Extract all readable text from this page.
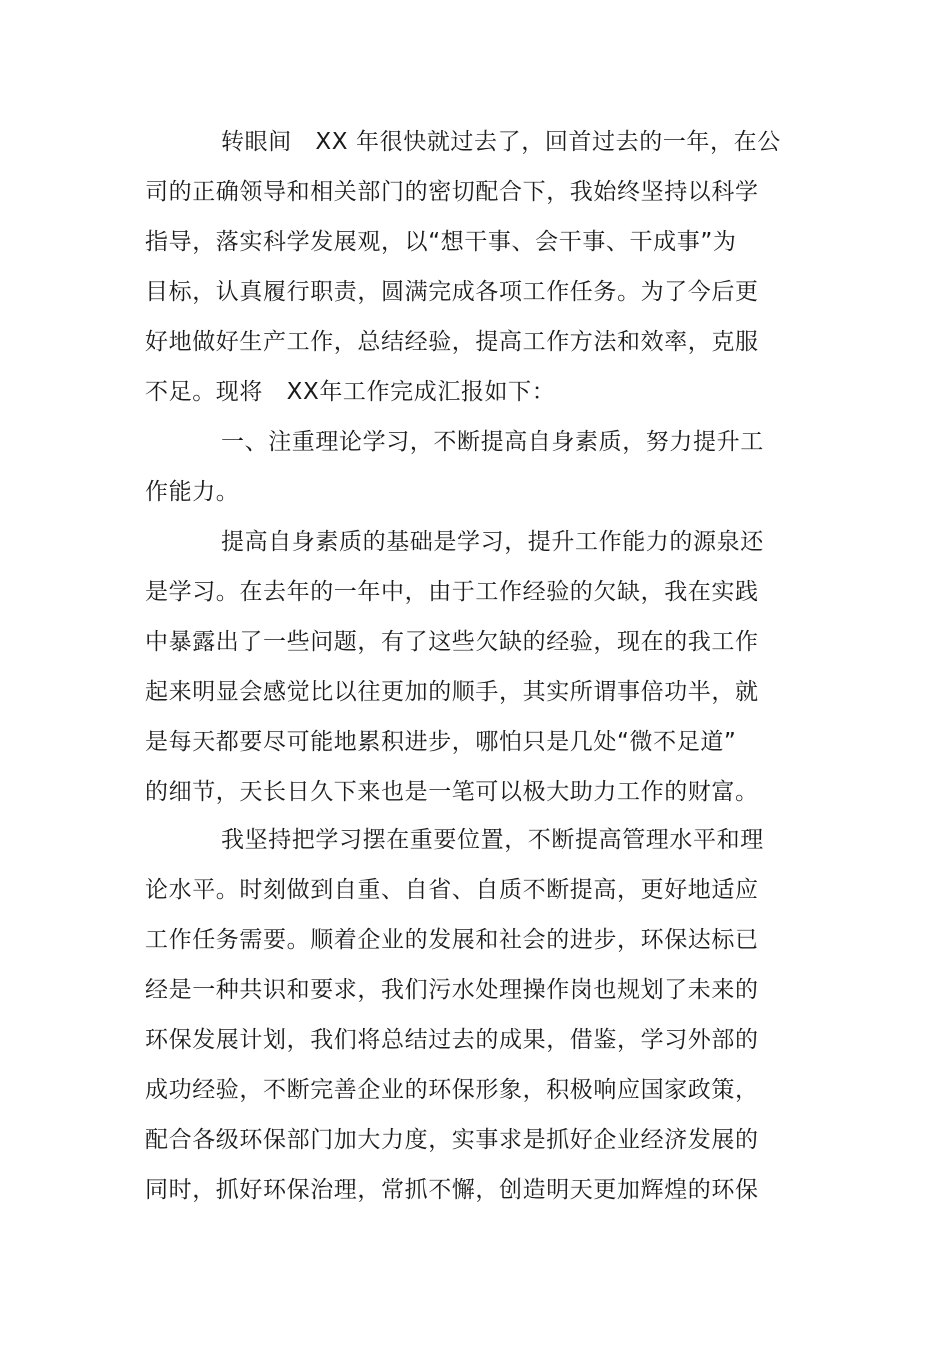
转眼间　XX 年很快就过去了，回首过去的一年，在公
司的正确领导和相关部门的密切配合下，我始终坚持以科学
指导，落实科学发展观，以“想干事、会干事、干成事”为
目标，认真履行职责，圆满完成各项工作任务。为了今后更
好地做好生产工作，总结经验，提高工作方法和效率，克服
不足。现将　XX年工作完成汇报如下：
一、注重理论学习，不断提高自身素质，努力提升工
作能力。
提高自身素质的基础是学习，提升工作能力的源泉还
是学习。在去年的一年中，由于工作经验的欠缺，我在实践
中暴露出了一些问题，有了这些欠缺的经验，现在的我工作
起来明显会感觉比以往更加的顺手，其实所谓事倍功半，就
是每天都要尽可能地累积进步，哪怕只是几处“微不足道”
的细节，天长日久下来也是一笔可以极大助力工作的财富。
我坚持把学习摆在重要位置，不断提高管理水平和理
论水平。时刻做到自重、自省、自质不断提高，更好地适应
工作任务需要。顺着企业的发展和社会的进步，环保达标已
经是一种共识和要求，我们污水处理操作岗也规划了未来的
环保发展计划，我们将总结过去的成果，借鉴，学习外部的
成功经验，不断完善企业的环保形象，积极响应国家政策，
配合各级环保部门加大力度，实事求是抓好企业经济发展的
同时，抓好环保治理，常抓不懈，创造明天更加辉煌的环保
